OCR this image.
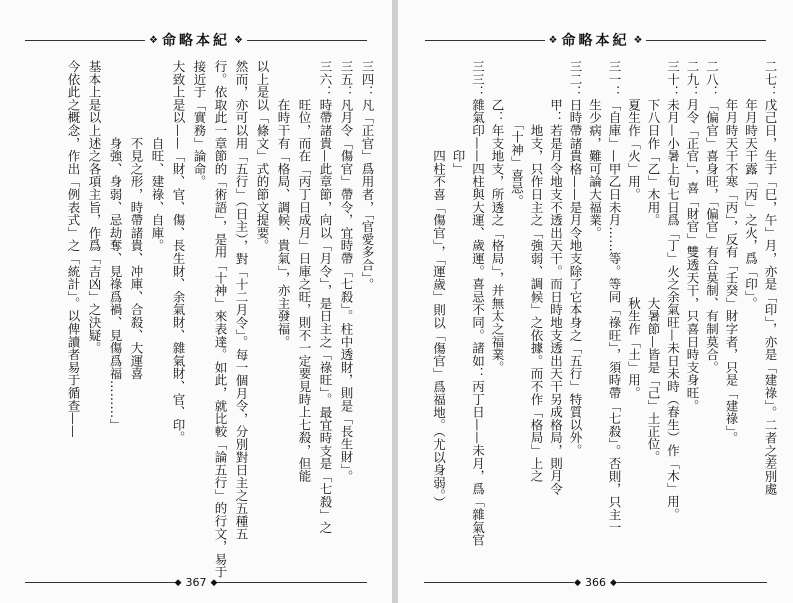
❖ 命略本紀 ❖
三四：凡「正官」爲用者，「官愛多合」。
三五：凡月令「傷官」帶令，宜時帶「七殺」。柱中透財，則是「長生財」。
三六：時帶諸貴—此章節，向以「月令」，是日主之「祿旺」。最宜時支是「七殺」之
　　　旺位，而在「丙丁日成月」日庫之旺，則不一定要見時上七殺，但能
　　　在時干有「格局、調候、貴氣」，亦主發福。
以上是以「條文」式的節文提要。
然而，亦可以用「五行」（日主），對「十二月令」。每一個月令，分別對日主之五種五
行。依取此一章節的「術語」，是用「十神」來表達。如此，就比較「論五行」的行文，易于
接近于「實務」論命。
大致上是以——「財、官、傷、長生財、余氣財、雜氣財、官、印。
　　　　　　自旺、建祿、自庫。
　　　　　　不見之形，時帶諸貴、冲庫、合殺、大運喜
　　　　　　身強、身弱、忌劫奪、見祿爲禍、見傷爲福………」
基本上是以上述之各項主旨，作爲「吉凶」之決疑。
今依此之概念，作出「例表式」之「統計」。以俾讀者易于循查——
◆ 367 ◆
❖ 命略本紀 ❖
二七：戊己日，生于「巳，午」月，亦是「印」，亦是「建祿」。二者之差別處
　　　年月時天干露「丙」之火，爲「印」。
　　　年月時天干不寒「丙」，反有「壬癸」財字者，只是「建祿」。
二八：「偏官」喜身旺，「偏官」有合莫制、有制莫合。
二九：月令「正官」，喜「財官」雙透天干，只喜日時支身旺。
三十：未月—小暑上旬七日爲「丁」火之余氣旺—未日未時（春生）作「木」用。
　　　下八日作「乙」木用。　　　　　　大暑節—皆是「己」土正位。
　　　夏生作「火」用。　　　　　　　　秋生作「土」用。
三一：「自庫」—甲乙日未月……等。等同「祿旺」，須時帶「七殺」。否則，只主一
　　　生少病，難可論大福業。
三二：日時帶諸貴格——是月令地支除了它本身之「五行」特質以外。
　　　甲：若是月令地支不透出天干。而日時地支透出天干另成格局，則月令
　　　　　地支，只作日主之「強弱、調候」之依據。而不作「格局」上之
　　　　　「十神」喜忌。
　　　乙：年支地支，所透之「格局」，并無太之福業。
三三：雜氣印——四柱與大運、歲運。喜忌不同。諸如：丙丁日——未月，爲「雜氣官
　　　　　　　印」
　　　　　　　四柱不喜「傷官」，「運歲」則以「傷官」爲福地。（尤以身弱。）
◆ 366 ◆
